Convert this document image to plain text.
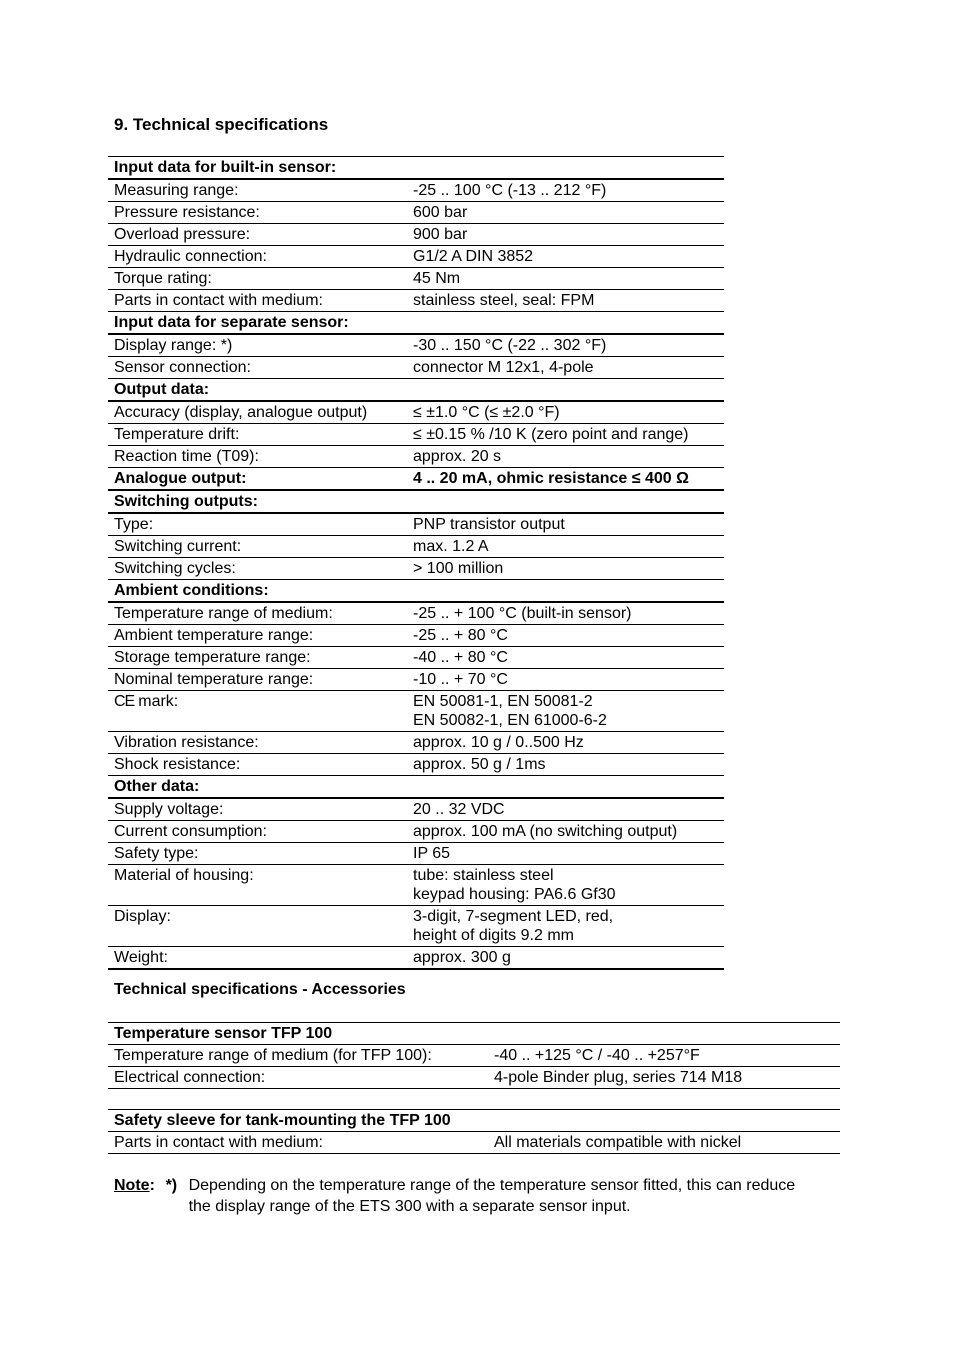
9. Technical specifications
Input data for built-in sensor:	

Measuring range:	-25 .. 100 °C (-13 .. 212 °F)

Pressure resistance:	600 bar

Overload pressure:	900 bar

Hydraulic connection:	G1/2 A DIN 3852

Torque rating:	45 Nm

Parts in contact with medium:	stainless steel, seal: FPM

Input data for separate sensor:	

Display range: *)	-30 .. 150 °C (-22 .. 302 °F)

Sensor connection:	connector M 12x1, 4-pole

Output data:	

Accuracy (display, analogue output)	≤ ±1.0 °C (≤ ±2.0 °F)

Temperature drift:	≤ ±0.15 % /10 K (zero point and range)

Reaction time (T09):	approx. 20 s

Analogue output:	4 .. 20 mA, ohmic resistance ≤ 400 Ω

Switching outputs:	

Type:	PNP transistor output

Switching current:	max. 1.2 A

Switching cycles:	> 100 million

Ambient conditions:	

Temperature range of medium:	-25 .. + 100 °C (built-in sensor)

Ambient temperature range:	-25 .. + 80 °C

Storage temperature range:	-40 .. + 80 °C

Nominal temperature range:	-10 .. + 70 °C

CE mark:	EN 50081-1, EN 50081-2
EN 50082-1, EN 61000-6-2

Vibration resistance:	approx. 10 g / 0..500 Hz

Shock resistance:	approx. 50 g / 1ms

Other data:	

Supply voltage:	20 .. 32 VDC

Current consumption:	approx. 100 mA (no switching output)

Safety type:	IP 65

Material of housing:	tube: stainless steel
keypad housing: PA6.6 Gf30

Display:	3-digit, 7-segment LED, red,
height of digits 9.2 mm

Weight:	approx. 300 g
Technical specifications - Accessories
Temperature sensor TFP 100	
Temperature range of medium (for TFP 100):	-40 .. +125 °C / -40 .. +257°F
Electrical connection:	4-pole Binder plug, series 714 M18
Safety sleeve for tank-mounting the TFP 100
Parts in contact with medium:	All materials compatible with nickel
Note : *) Depending on the temperature range of the temperature sensor fitted, this can reduce the display range of the ETS 300 with a separate sensor input.
